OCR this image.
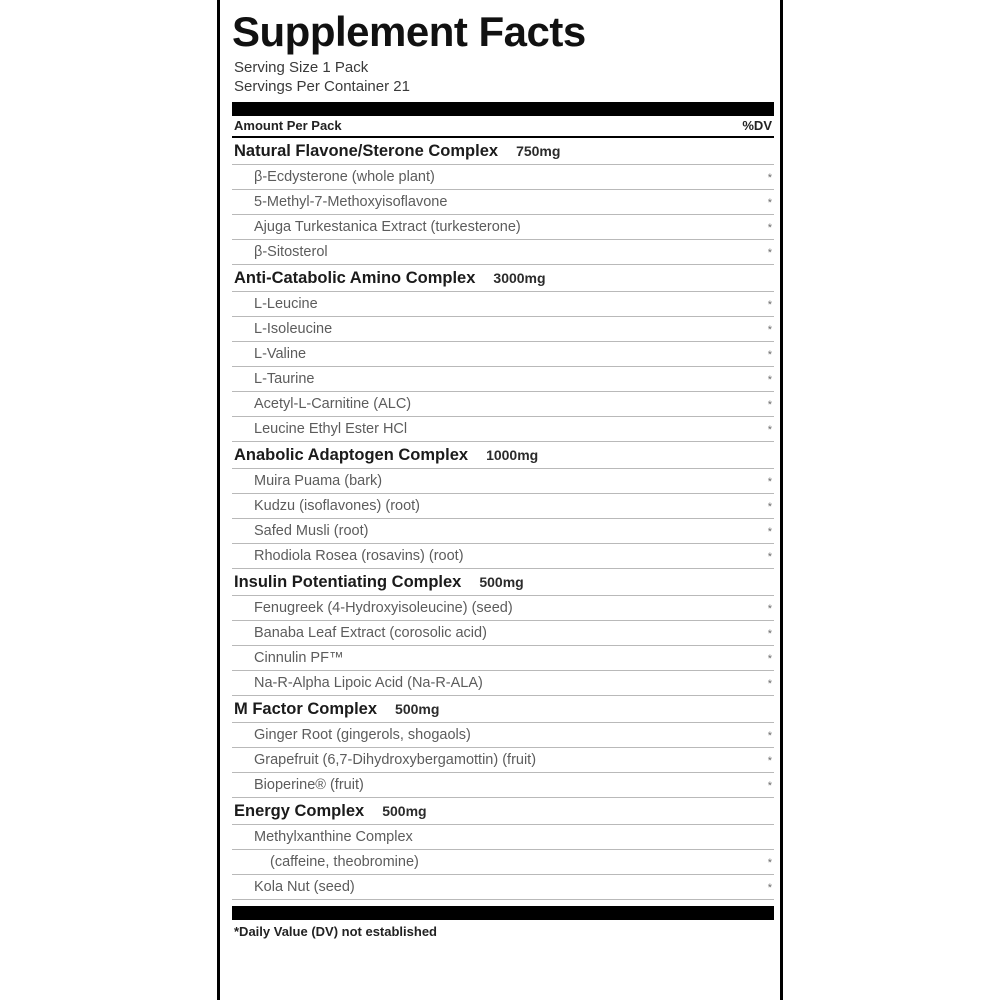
Supplement Facts
Serving Size 1 Pack
Servings Per Container 21
Amount Per Pack	%DV
Natural Flavone/Sterone Complex 750mg
β-Ecdysterone (whole plant)	*
5-Methyl-7-Methoxyisoflavone	*
Ajuga Turkestanica Extract (turkesterone)	*
β-Sitosterol	*
Anti-Catabolic Amino Complex 3000mg
L-Leucine	*
L-Isoleucine	*
L-Valine	*
L-Taurine	*
Acetyl-L-Carnitine (ALC)	*
Leucine Ethyl Ester HCl	*
Anabolic Adaptogen Complex 1000mg
Muira Puama (bark)	*
Kudzu (isoflavones) (root)	*
Safed Musli (root)	*
Rhodiola Rosea (rosavins) (root)	*
Insulin Potentiating Complex 500mg
Fenugreek (4-Hydroxyisoleucine) (seed)	*
Banaba Leaf Extract (corosolic acid)	*
Cinnulin PF™	*
Na-R-Alpha Lipoic Acid (Na-R-ALA)	*
M Factor Complex 500mg
Ginger Root (gingerols, shogaols)	*
Grapefruit (6,7-Dihydroxybergamottin) (fruit)	*
Bioperine® (fruit)	*
Energy Complex 500mg
Methylxanthine Complex
(caffeine, theobromine)	*
Kola Nut (seed)	*
*Daily Value (DV) not established
